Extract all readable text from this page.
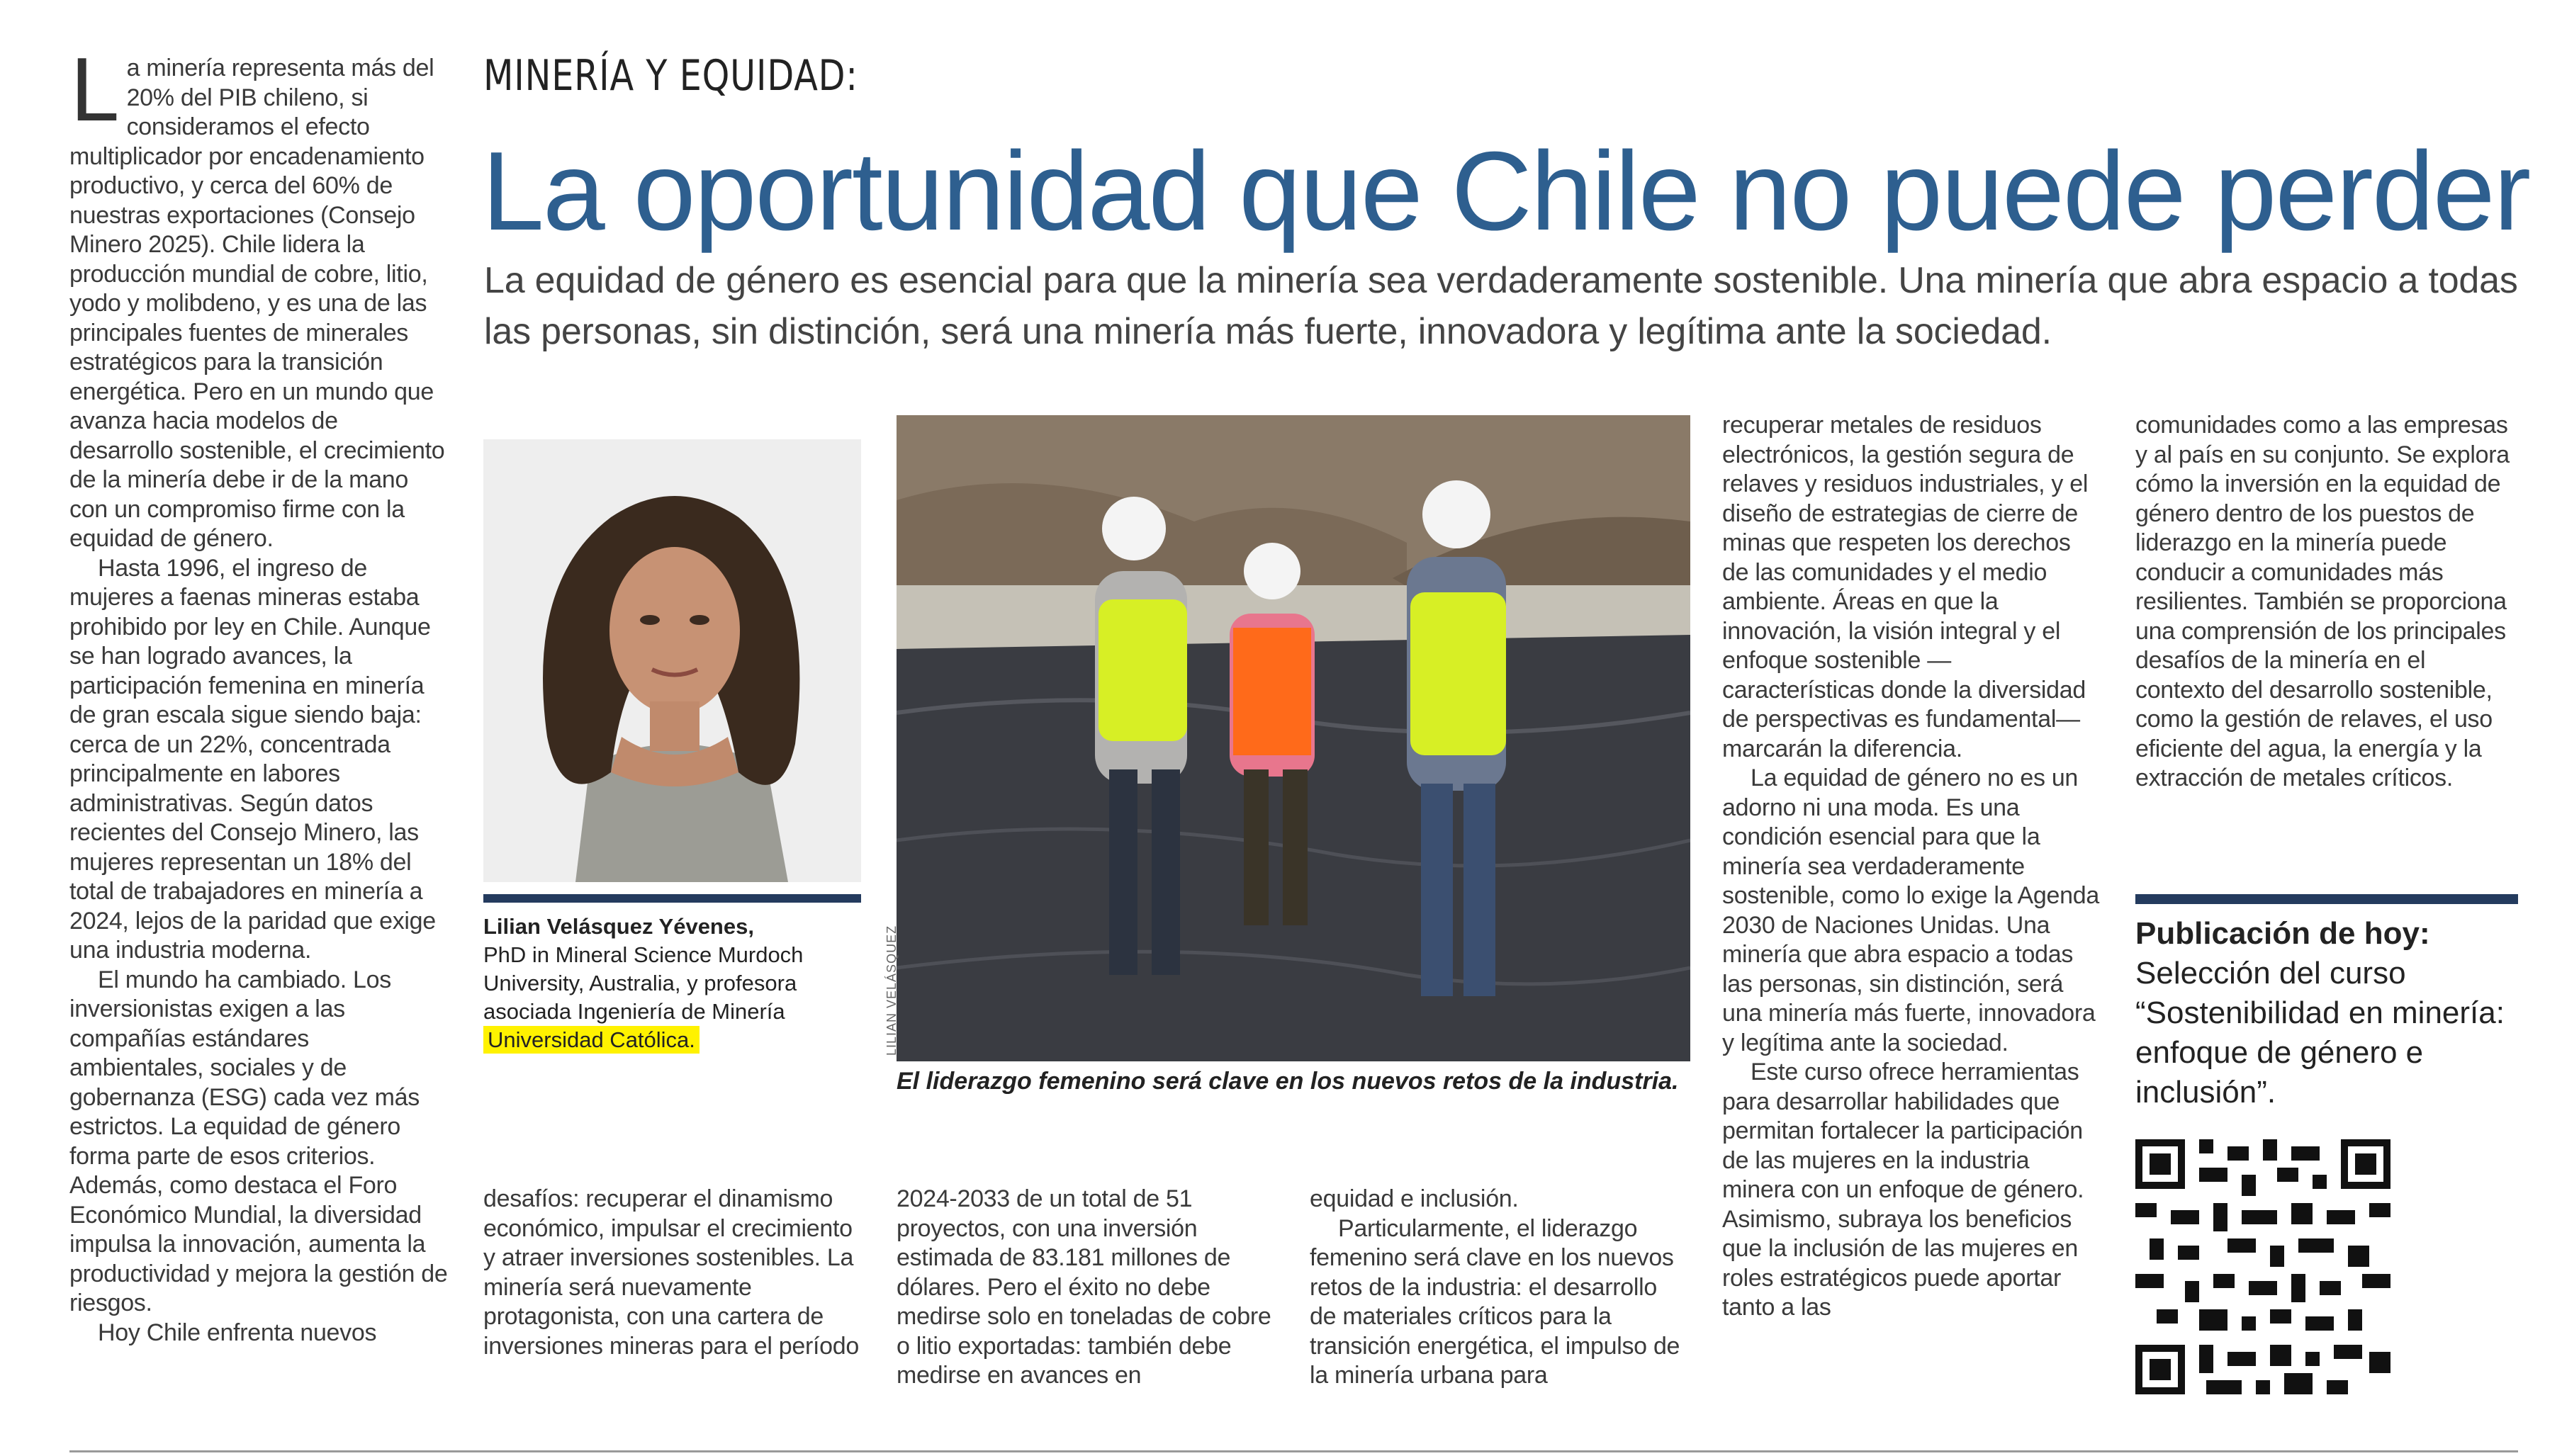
La minería representa más del 20% del PIB chileno, si consideramos el efecto multiplicador por encadenamiento productivo, y cerca del 60% de nuestras exportaciones (Consejo Minero 2025). Chile lidera la producción mundial de cobre, litio, yodo y molibdeno, y es una de las principales fuentes de minerales estratégicos para la transición energética. Pero en un mundo que avanza hacia modelos de desarrollo sostenible, el crecimiento de la minería debe ir de la mano con un compromiso firme con la equidad de género.

Hasta 1996, el ingreso de mujeres a faenas mineras estaba prohibido por ley en Chile. Aunque se han logrado avances, la participación femenina en minería de gran escala sigue siendo baja: cerca de un 22%, concentrada principalmente en labores administrativas. Según datos recientes del Consejo Minero, las mujeres representan un 18% del total de trabajadores en minería a 2024, lejos de la paridad que exige una industria moderna.

El mundo ha cambiado. Los inversionistas exigen a las compañías estándares ambientales, sociales y de gobernanza (ESG) cada vez más estrictos. La equidad de género forma parte de esos criterios. Además, como destaca el Foro Económico Mundial, la diversidad impulsa la innovación, aumenta la productividad y mejora la gestión de riesgos.

Hoy Chile enfrenta nuevos

MINERÍA Y EQUIDAD:
La oportunidad que Chile no puede perder
La equidad de género es esencial para que la minería sea verdaderamente sostenible. Una minería que abra espacio a todas las personas, sin distinción, será una minería más fuerte, innovadora y legítima ante la sociedad.
Lilian Velásquez Yévenes,
PhD in Mineral Science Murdoch University, Australia, y profesora asociada Ingeniería de Minería
Universidad Católica.	LILIAN VELÁSQUEZ
El liderazgo femenino será clave en los nuevos retos de la industria.

desafíos: recuperar el dinamismo económico, impulsar el crecimiento y atraer inversiones sostenibles. La minería será nuevamente protagonista, con una cartera de inversiones mineras para el período

2024-2033 de un total de 51 proyectos, con una inversión estimada de 83.181 millones de dólares. Pero el éxito no debe medirse solo en toneladas de cobre o litio exportadas: también debe medirse en avances en

equidad e inclusión.

Particularmente, el liderazgo femenino será clave en los nuevos retos de la industria: el desarrollo de materiales críticos para la transición energética, el impulso de la minería urbana para

recuperar metales de residuos electrónicos, la gestión segura de relaves y residuos industriales, y el diseño de estrategias de cierre de minas que respeten los derechos de las comunidades y el medio ambiente. Áreas en que la innovación, la visión integral y el enfoque sostenible —características donde la diversidad de perspectivas es fundamental— marcarán la diferencia.

La equidad de género no es un adorno ni una moda. Es una condición esencial para que la minería sea verdaderamente sostenible, como lo exige la Agenda 2030 de Naciones Unidas. Una minería que abra espacio a todas las personas, sin distinción, será una minería más fuerte, innovadora y legítima ante la sociedad.

Este curso ofrece herramientas para desarrollar habilidades que permitan fortalecer la participación de las mujeres en la industria minera con un enfoque de género. Asimismo, subraya los beneficios que la inclusión de las mujeres en roles estratégicos puede aportar tanto a las

comunidades como a las empresas y al país en su conjunto. Se explora cómo la inversión en la equidad de género dentro de los puestos de liderazgo en la minería puede conducir a comunidades más resilientes. También se proporciona una comprensión de los principales desafíos de la minería en el contexto del desarrollo sostenible, como la gestión de relaves, el uso eficiente del agua, la energía y la extracción de metales críticos.

Publicación de hoy:
Selección del curso “Sostenibilidad en minería: enfoque de género e inclusión”.
